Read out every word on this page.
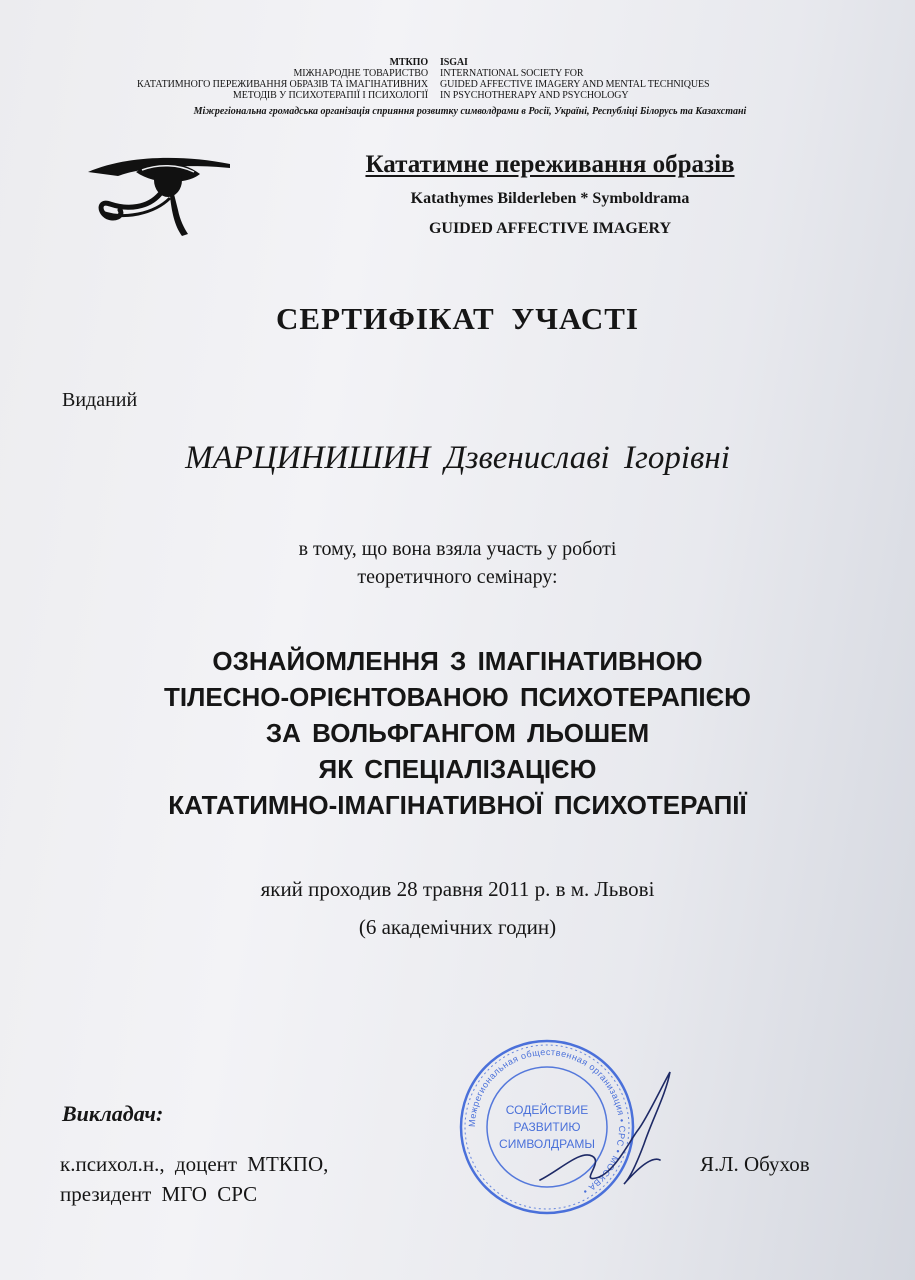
МТКПО
МІЖНАРОДНЕ ТОВАРИСТВО
КАТАТИМНОГО ПЕРЕЖИВАННЯ ОБРАЗІВ ТА ІМАГІНАТИВНИХ
МЕТОДІВ У ПСИХОТЕРАПІЇ І ПСИХОЛОГІЇ
ISGAI
INTERNATIONAL SOCIETY FOR
GUIDED AFFECTIVE IMAGERY AND MENTAL TECHNIQUES
IN PSYCHOTHERAPY AND PSYCHOLOGY
Міжрегіональна громадська організація сприяння розвитку символдрами в Росії, Україні, Республіці Білорусь та Казахстані
Кататимне переживання образів
Katathymes Bilderleben * Symboldrama
GUIDED AFFECTIVE IMAGERY
СЕРТИФІКАТ УЧАСТІ
Виданий
МАРЦИНИШИН Дзвениславі Ігорівні
в тому, що вона взяла участь у роботі
теоретичного семінару:
ОЗНАЙОМЛЕННЯ З ІМАГІНАТИВНОЮ
ТІЛЕСНО-ОРІЄНТОВАНОЮ ПСИХОТЕРАПІЄЮ
ЗА ВОЛЬФГАНГОМ ЛЬОШЕМ
ЯК СПЕЦІАЛІЗАЦІЄЮ
КАТАТИМНО-ІМАГІНАТИВНОЇ ПСИХОТЕРАПІЇ
який проходив 28 травня 2011 р. в м. Львові
(6 академічних годин)
Викладач:
к.психол.н., доцент МТКПО,
президент МГО СРС
Я.Л. Обухов
Межрегиональная общественная организация • СРС • МОСКВА •
СОДЕЙСТВИЕ
РАЗВИТИЮ
СИМВОЛДРАМЫ
